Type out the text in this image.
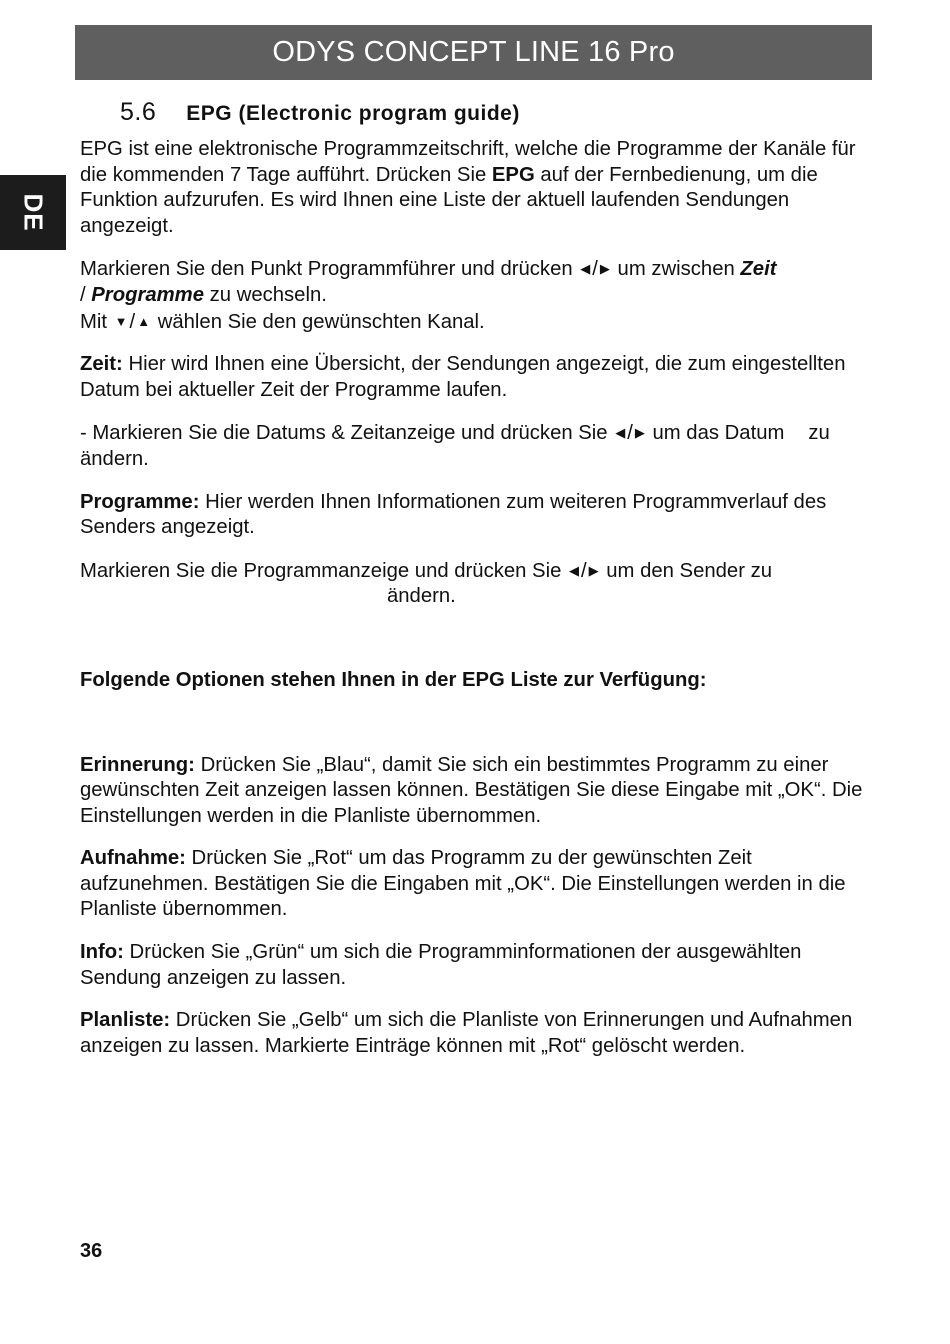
ODYS CONCEPT LINE 16 Pro
DE
5.6 EPG (Electronic program guide)

EPG ist eine elektronische Programmzeitschrift, welche die Programme der Kanäle für die kommenden 7 Tage aufführt. Drücken Sie EPG auf der Fernbedienung, um die Funktion aufzurufen. Es wird Ihnen eine Liste der aktuell laufenden Sendungen angezeigt.

Markieren Sie den Punkt Programmführer und drücken ◀/ ▶ um zwischen Zeit
/ Programme zu wechseln.
Mit ▼/ ▲ wählen Sie den gewünschten Kanal.

Zeit: Hier wird Ihnen eine Übersicht, der Sendungen angezeigt, die zum eingestelltenDatum bei aktueller Zeit der Programme laufen.

- Markieren Sie die Datums & Zeitanzeige und drücken Sie ◀/ ▶ um das Datum zu ändern.

Programme: Hier werden Ihnen Informationen zum weiteren Programmverlauf des Senders angezeigt.

Markieren Sie die Programmanzeige und drücken Sie ◀/ ▶ um den Sender zu
ändern.

Folgende Optionen stehen Ihnen in der EPG Liste zur Verfügung:

Erinnerung: Drücken Sie „Blau“, damit Sie sich ein bestimmtes Programm zu einer gewünschten Zeit anzeigen lassen können. Bestätigen Sie diese Eingabe mit „OK“. Die Einstellungen werden in die Planliste übernommen.

Aufnahme: Drücken Sie „Rot“ um das Programm zu der gewünschten Zeit aufzunehmen. Bestätigen Sie die Eingaben mit „OK“. Die Einstellungen werden in die Planliste übernommen.

Info: Drücken Sie „Grün“ um sich die Programminformationen der ausgewählten Sendung anzeigen zu lassen.

Planliste: Drücken Sie „Gelb“ um sich die Planliste von Erinnerungen und Aufnahmen anzeigen zu lassen. Markierte Einträge können mit „Rot“ gelöscht werden.

36
